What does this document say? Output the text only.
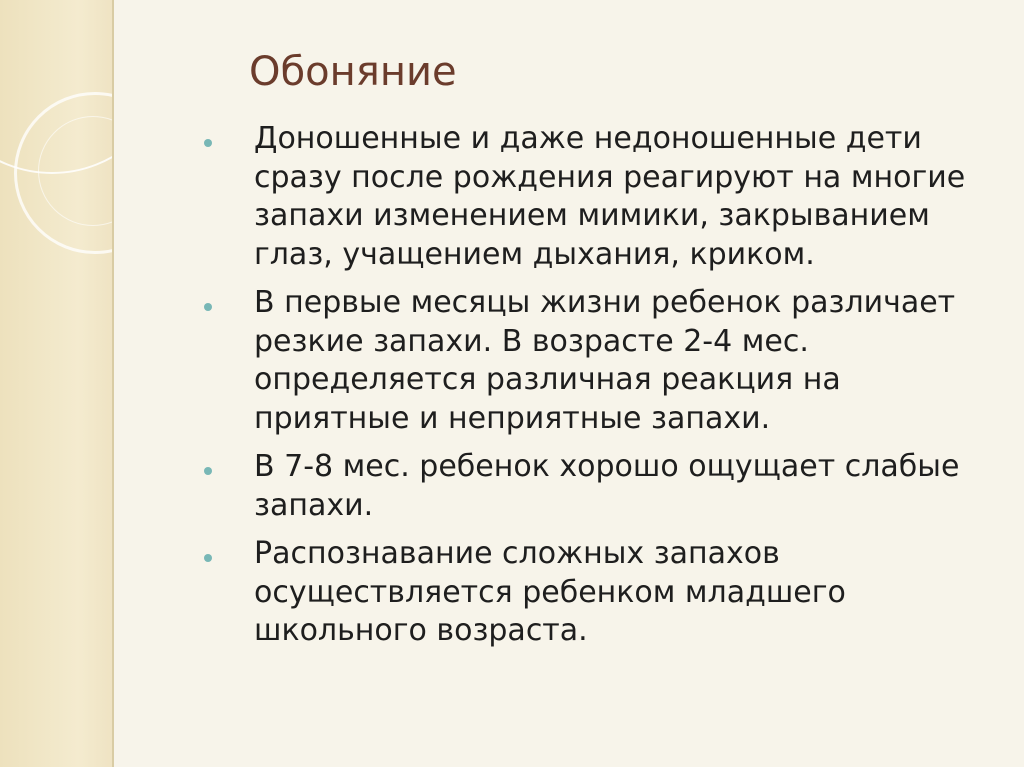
Обоняние
Доношенные и даже недоношенные дети
сразу после рождения реагируют на многие
запахи изменением мимики, закрыванием
глаз, учащением дыхания, криком.
В первые месяцы жизни ребенок различает
резкие запахи. В возрасте 2-4 мес.
определяется различная реакция на
приятные и неприятные запахи.
В 7-8 мес. ребенок хорошо ощущает слабые
запахи.
Распознавание сложных запахов
осуществляется ребенком младшего
школьного возраста.
